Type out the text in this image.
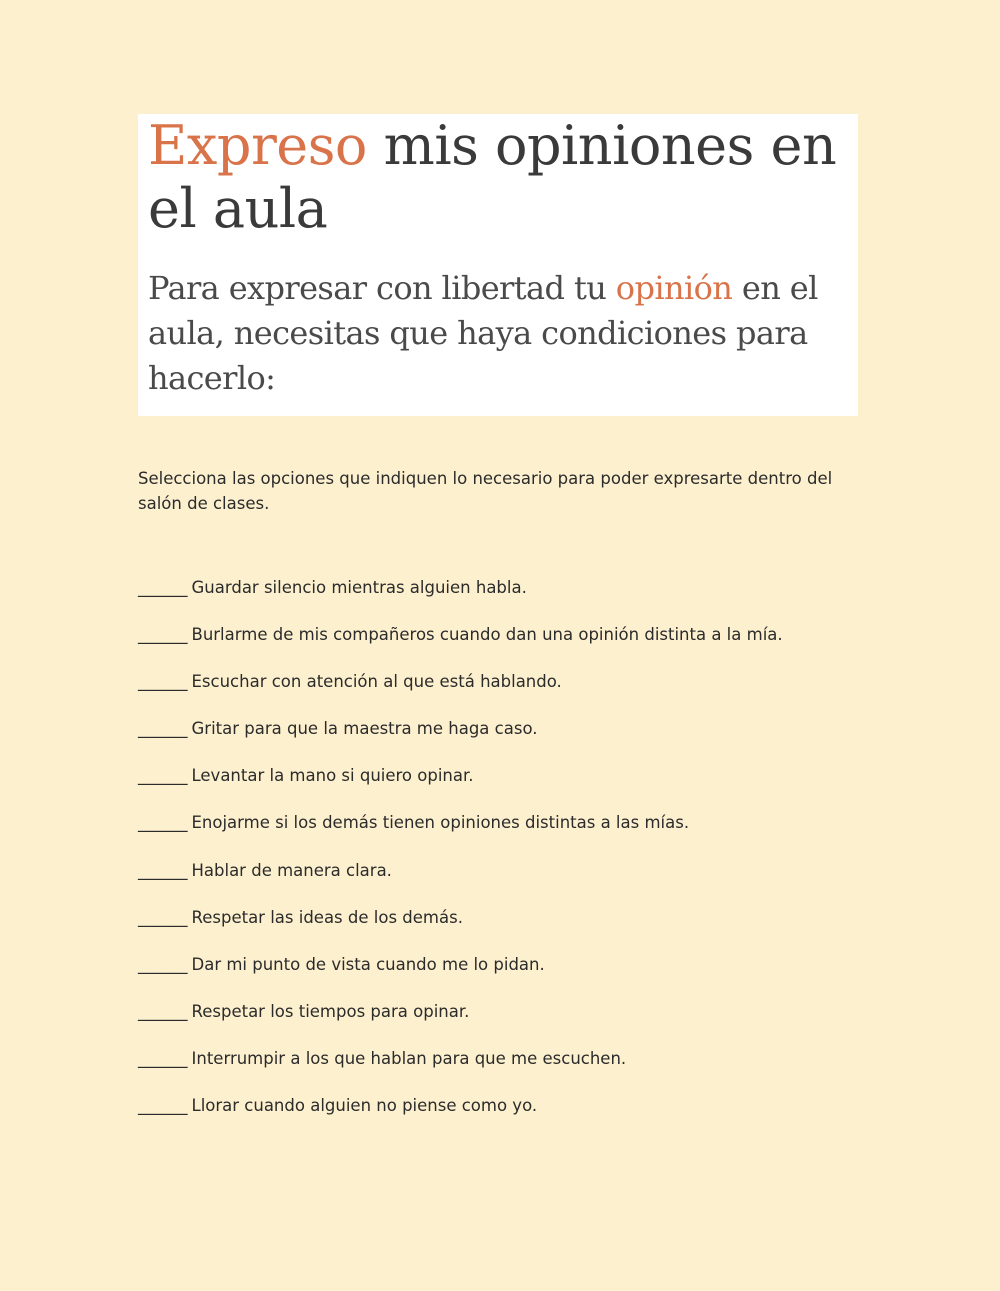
Expreso mis opiniones en el aula

Para expresar con libertad tu opinión en el aula, necesitas que haya condiciones para hacerlo:

Selecciona las opciones que indiquen lo necesario para poder expresarte dentro del salón de clases.

______ Guardar silencio mientras alguien habla.
______ Burlarme de mis compañeros cuando dan una opinión distinta a la mía.
______ Escuchar con atención al que está hablando.
______ Gritar para que la maestra me haga caso.
______ Levantar la mano si quiero opinar.
______ Enojarme si los demás tienen opiniones distintas a las mías.
______ Hablar de manera clara.
______ Respetar las ideas de los demás.
______ Dar mi punto de vista cuando me lo pidan.
______ Respetar los tiempos para opinar.
______ Interrumpir a los que hablan para que me escuchen.
______ Llorar cuando alguien no piense como yo.
